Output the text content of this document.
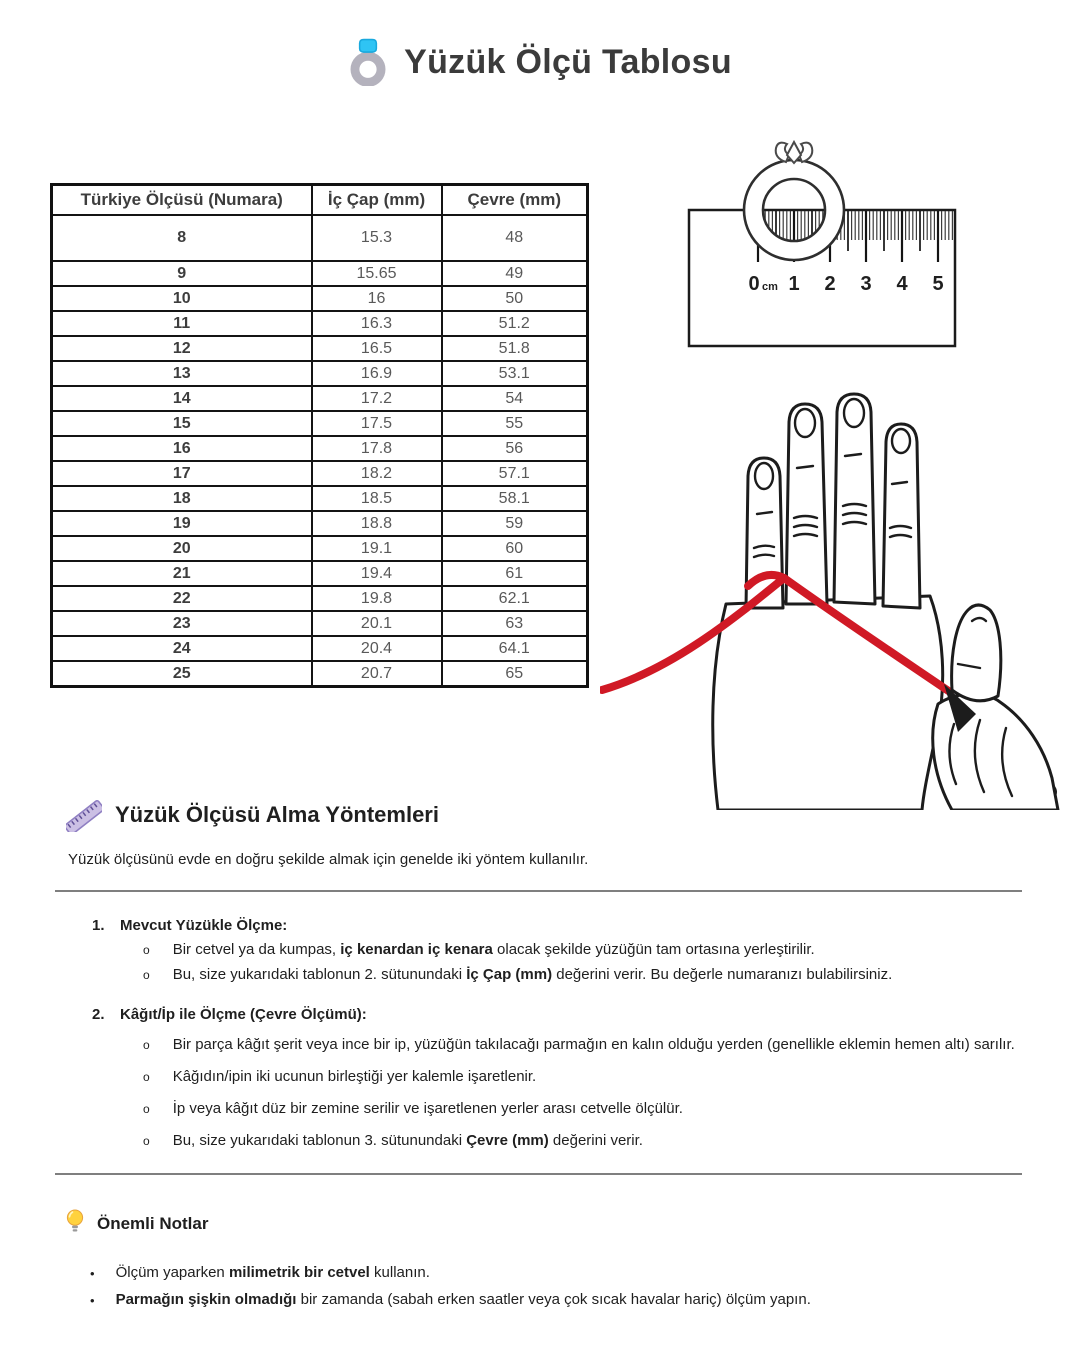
Yüzük Ölçü Tablosu
Türkiye Ölçüsü (Numara)	İç Çap (mm)	Çevre (mm)
8	15.3	48
9	15.65	49
10	16	50
11	16.3	51.2
12	16.5	51.8
13	16.9	53.1
14	17.2	54
15	17.5	55
16	17.8	56
17	18.2	57.1
18	18.5	58.1
19	18.8	59
20	19.1	60
21	19.4	61
22	19.8	62.1
23	20.1	63
24	20.4	64.1
25	20.7	65
0 cm 1 2 3 4 5
Yüzük Ölçüsü Alma Yöntemleri

Yüzük ölçüsünü evde en doğru şekilde almak için genelde iki yöntem kullanılır.

1.	Mevcut Yüzükle Ölçme:
o Bir cetvel ya da kumpas, iç kenardan iç kenara olacak şekilde yüzüğün tam ortasına yerleştirilir.
o Bu, size yukarıdaki tablonun 2. sütunundaki İç Çap (mm) değerini verir. Bu değerle numaranızı bulabilirsiniz.
2.	Kâğıt/İp ile Ölçme (Çevre Ölçümü):
o Bir parça kâğıt şerit veya ince bir ip, yüzüğün takılacağı parmağın en kalın olduğu yerden (genellikle eklemin hemen altı) sarılır.
o Kâğıdın/ipin iki ucunun birleştiği yer kalemle işaretlenir.
o İp veya kâğıt düz bir zemine serilir ve işaretlenen yerler arası cetvelle ölçülür.
o Bu, size yukarıdaki tablonun 3. sütunundaki Çevre (mm) değerini verir.
Önemli Notlar
• Ölçüm yaparken milimetrik bir cetvel kullanın.
• Parmağın şişkin olmadığı bir zamanda (sabah erken saatler veya çok sıcak havalar hariç) ölçüm yapın.
